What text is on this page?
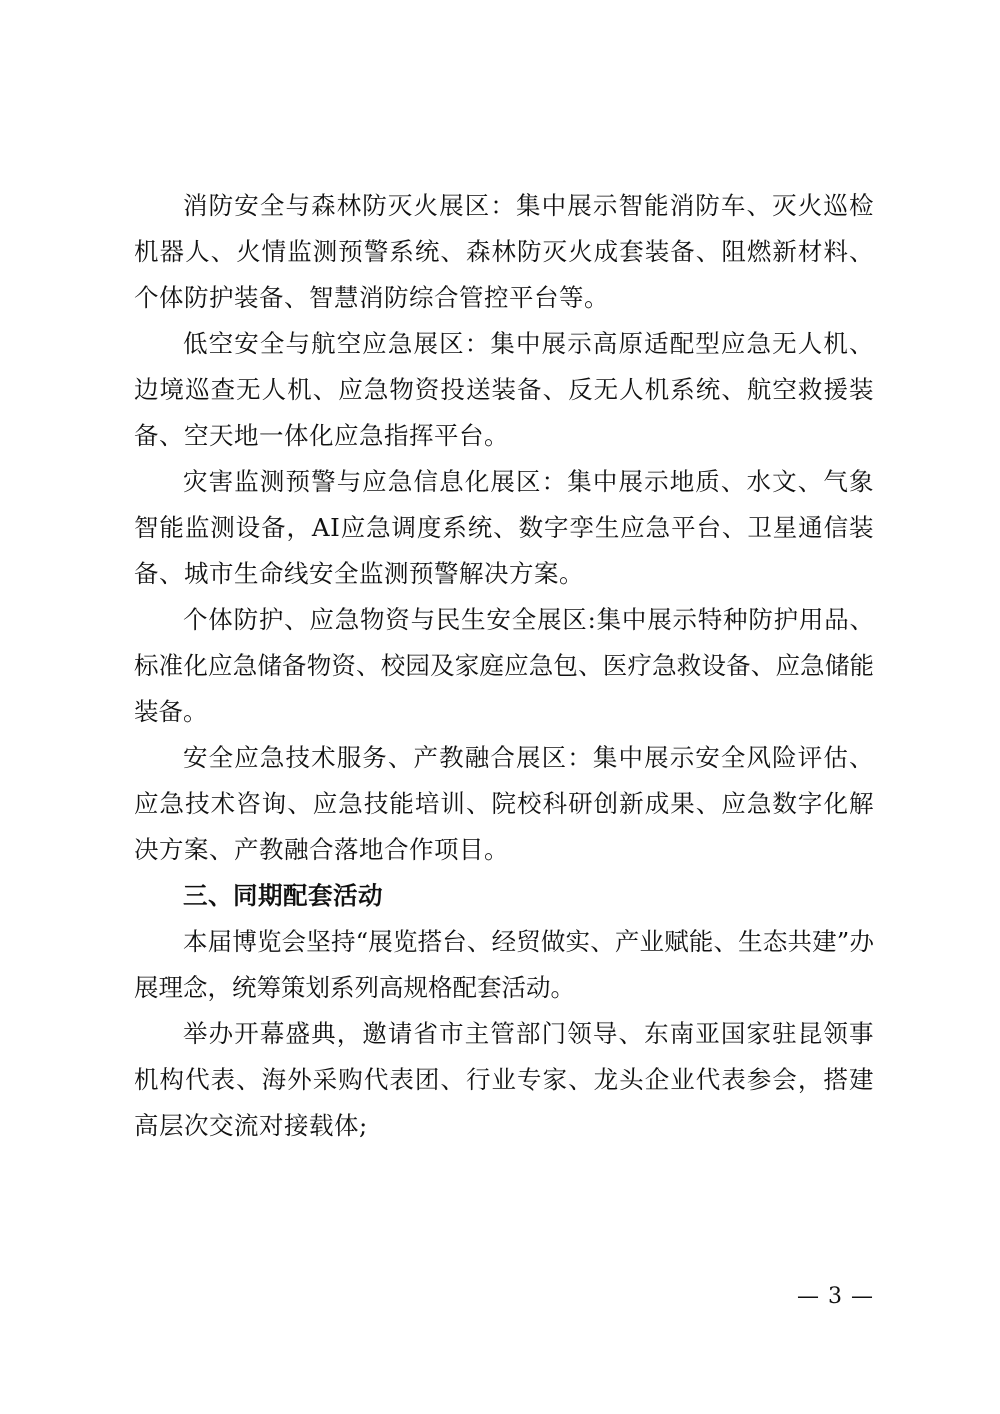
消防安全与森林防灭火展区：集中展示智能消防车、灭火巡检机器人、火情监测预警系统、森林防灭火成套装备、阻燃新材料、个体防护装备、智慧消防综合管控平台等。

低空安全与航空应急展区：集中展示高原适配型应急无人机、边境巡查无人机、应急物资投送装备、反无人机系统、航空救援装备、空天地一体化应急指挥平台。

灾害监测预警与应急信息化展区：集中展示地质、水文、气象智能监测设备，AI应急调度系统、数字孪生应急平台、卫星通信装备、城市生命线安全监测预警解决方案。

个体防护、应急物资与民生安全展区:集中展示特种防护用品、标准化应急储备物资、校园及家庭应急包、医疗急救设备、应急储能装备。

安全应急技术服务、产教融合展区：集中展示安全风险评估、应急技术咨询、应急技能培训、院校科研创新成果、应急数字化解决方案、产教融合落地合作项目。

三、同期配套活动

本届博览会坚持“展览搭台、经贸做实、产业赋能、生态共建”办展理念，统筹策划系列高规格配套活动。

举办开幕盛典，邀请省市主管部门领导、东南亚国家驻昆领事机构代表、海外采购代表团、行业专家、龙头企业代表参会，搭建高层次交流对接载体;

— 3 —
